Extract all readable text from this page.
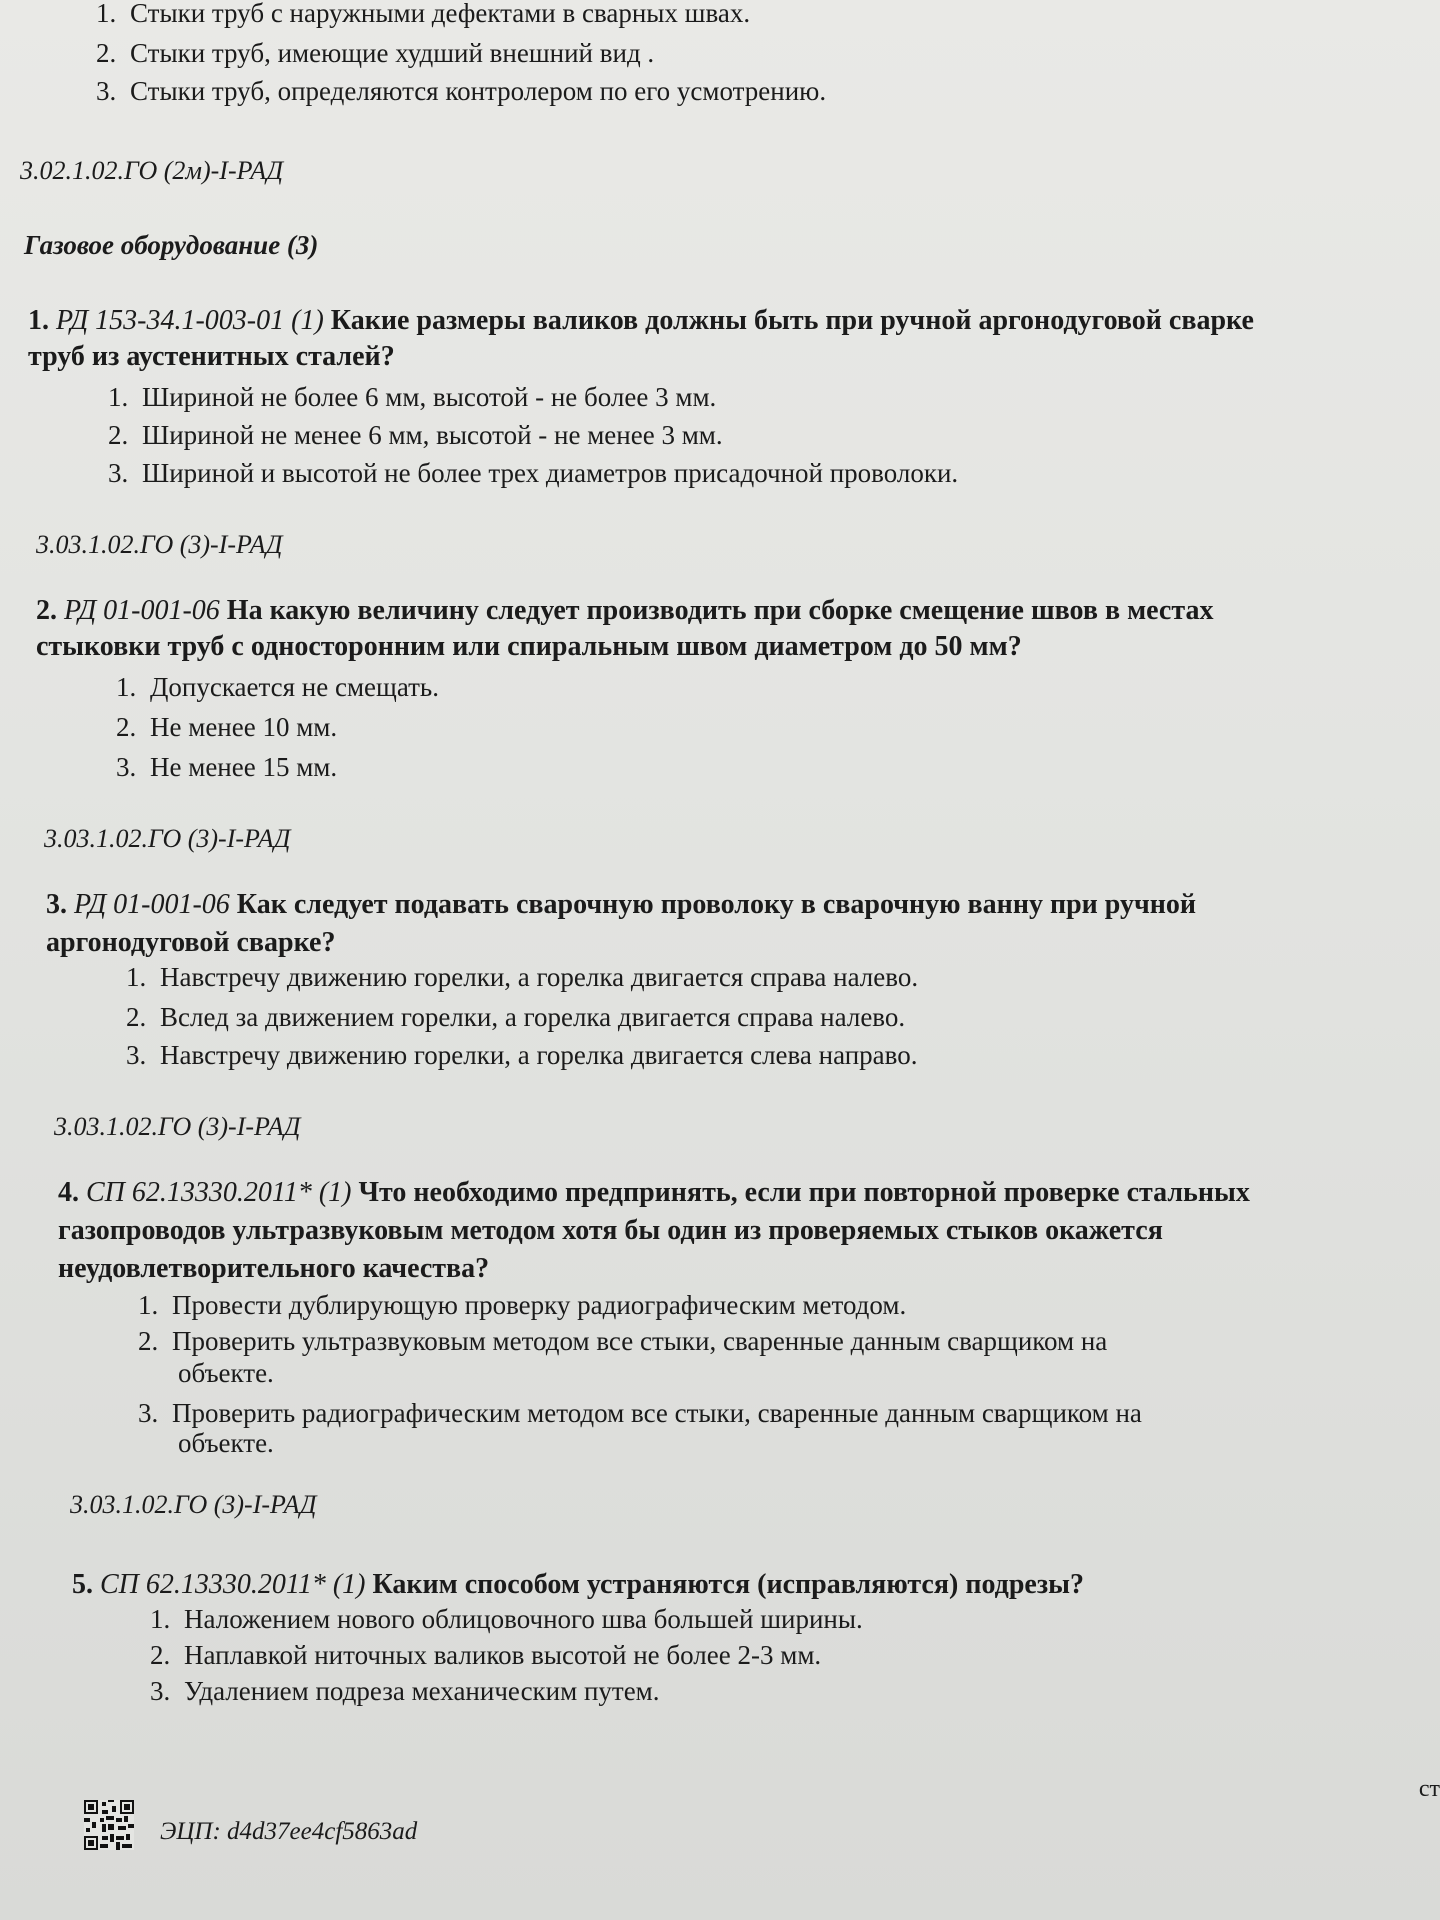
1. Стыки труб с наружными дефектами в сварных швах.
2. Стыки труб, имеющие худший внешний вид .
3. Стыки труб, определяются контролером по его усмотрению.
3.02.1.02.ГО (2м)-I-РАД
Газовое оборудование (3)
1. РД 153-34.1-003-01 (1) Какие размеры валиков должны быть при ручной аргонодуговой сварке
труб из аустенитных сталей?
1. Шириной не более 6 мм, высотой - не более 3 мм.
2. Шириной не менее 6 мм, высотой - не менее 3 мм.
3. Шириной и высотой не более трех диаметров присадочной проволоки.
3.03.1.02.ГО (3)-I-РАД
2. РД 01-001-06 На какую величину следует производить при сборке смещение швов в местах
стыковки труб с односторонним или спиральным швом диаметром до 50 мм?
1. Допускается не смещать.
2. Не менее 10 мм.
3. Не менее 15 мм.
3.03.1.02.ГО (3)-I-РАД
3. РД 01-001-06 Как следует подавать сварочную проволоку в сварочную ванну при ручной
аргонодуговой сварке?
1. Навстречу движению горелки, а горелка двигается справа налево.
2. Вслед за движением горелки, а горелка двигается справа налево.
3. Навстречу движению горелки, а горелка двигается слева направо.
3.03.1.02.ГО (3)-I-РАД
4. СП 62.13330.2011* (1) Что необходимо предпринять, если при повторной проверке стальных
газопроводов ультразвуковым методом хотя бы один из проверяемых стыков окажется
неудовлетворительного качества?
1. Провести дублирующую проверку радиографическим методом.
2. Проверить ультразвуковым методом все стыки, сваренные данным сварщиком на
объекте.
3. Проверить радиографическим методом все стыки, сваренные данным сварщиком на
объекте.
3.03.1.02.ГО (3)-I-РАД
5. СП 62.13330.2011* (1) Каким способом устраняются (исправляются) подрезы?
1. Наложением нового облицовочного шва большей ширины.
2. Наплавкой ниточных валиков высотой не более 2-3 мм.
3. Удалением подреза механическим путем.
ЭЦП: d4d37ee4cf5863ad
ст
